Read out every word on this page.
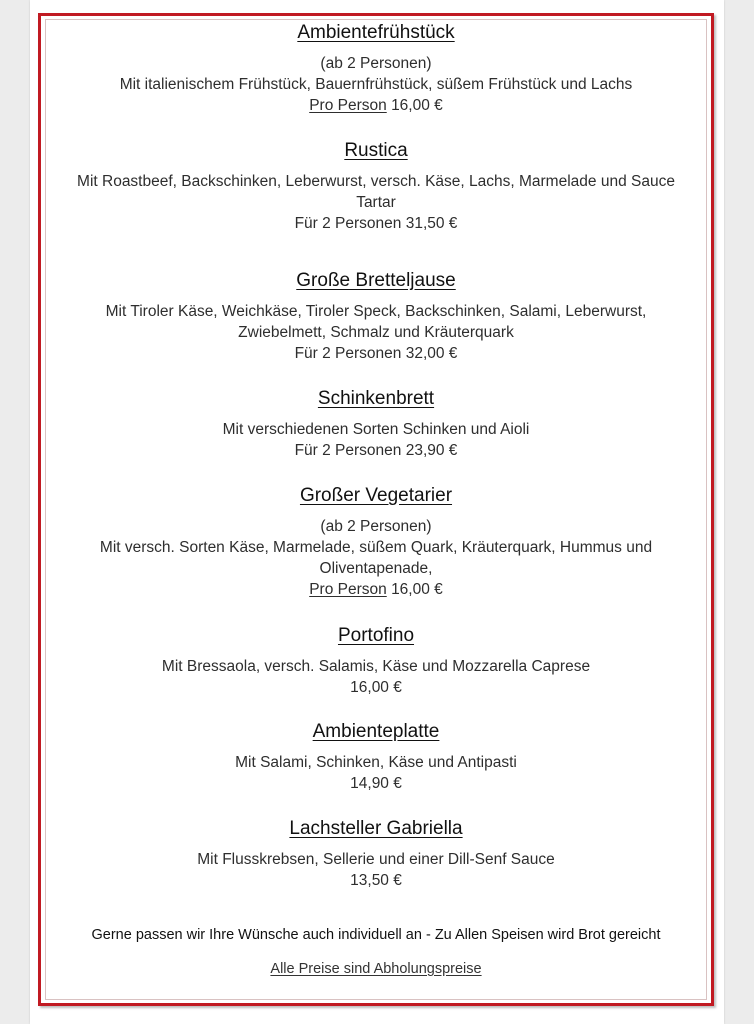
Ambientefrühstück

(ab 2 Personen)

Mit italienischem Frühstück, Bauernfrühstück, süßem Frühstück und Lachs

Pro Person 16,00 €

Rustica

Mit Roastbeef, Backschinken, Leberwurst, versch. Käse, Lachs, Marmelade und Sauce

Tartar

Für 2 Personen 31,50 €

Große Bretteljause

Mit Tiroler Käse, Weichkäse, Tiroler Speck, Backschinken, Salami, Leberwurst,

Zwiebelmett, Schmalz und Kräuterquark

Für 2 Personen 32,00 €

Schinkenbrett

Mit verschiedenen Sorten Schinken und Aioli

Für 2 Personen 23,90 €

Großer Vegetarier

(ab 2 Personen)

Mit versch. Sorten Käse, Marmelade, süßem Quark, Kräuterquark, Hummus und

Oliventapenade,

Pro Person 16,00 €

Portofino

Mit Bressaola, versch. Salamis, Käse und Mozzarella Caprese

16,00 €

Ambienteplatte

Mit Salami, Schinken, Käse und Antipasti

14,90 €

Lachsteller Gabriella

Mit Flusskrebsen, Sellerie und einer Dill-Senf Sauce

13,50 €

Gerne passen wir Ihre Wünsche auch individuell an - Zu Allen Speisen wird Brot gereicht
Alle Preise sind Abholungspreise
